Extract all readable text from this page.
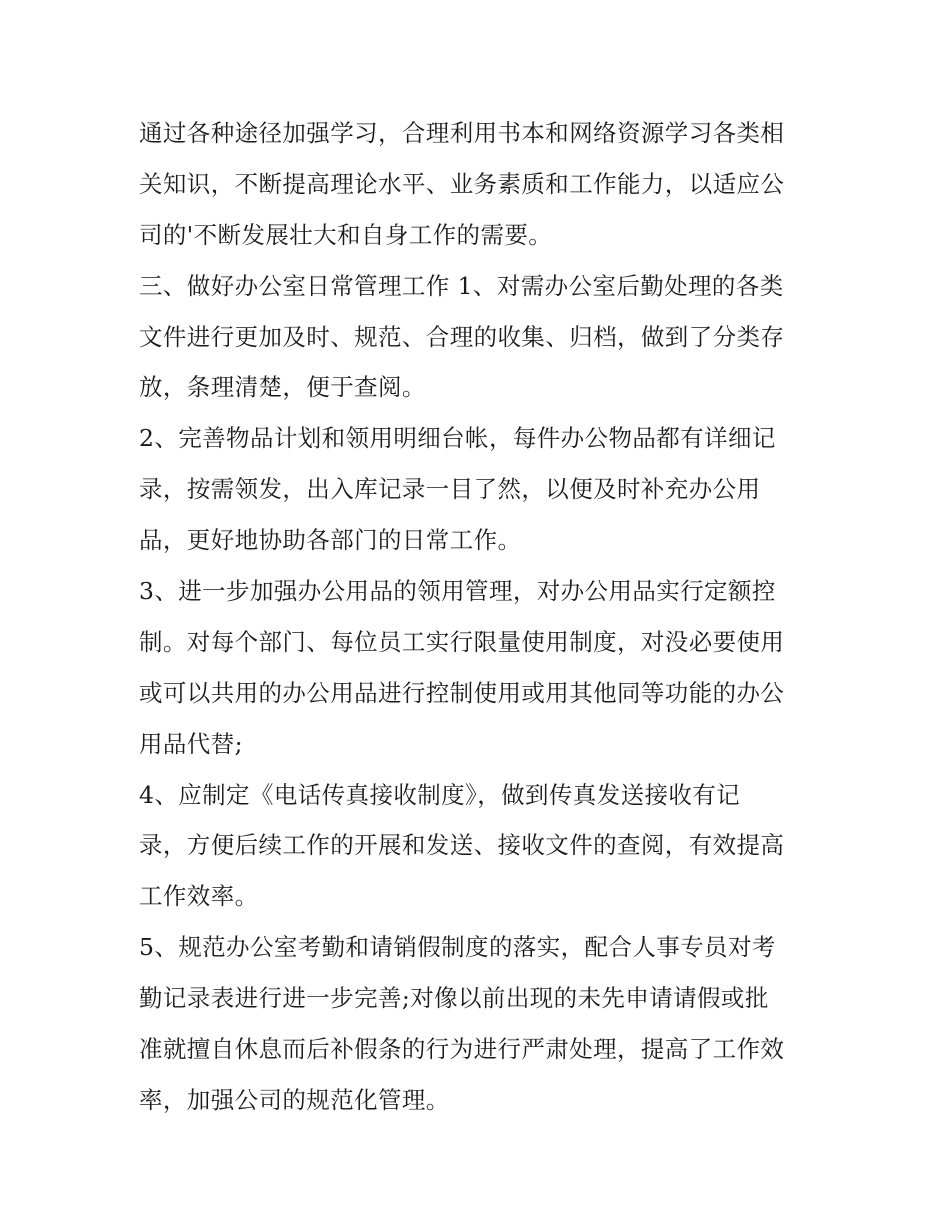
通过各种途径加强学习，合理利用书本和网络资源学习各类相
关知识，不断提高理论水平、业务素质和工作能力，以适应公
司的'不断发展壮大和自身工作的需要。
三、做好办公室日常管理工作 1、对需办公室后勤处理的各类
文件进行更加及时、规范、合理的收集、归档，做到了分类存
放，条理清楚，便于查阅。
2、完善物品计划和领用明细台帐，每件办公物品都有详细记
录，按需领发，出入库记录一目了然，以便及时补充办公用
品，更好地协助各部门的日常工作。
3、进一步加强办公用品的领用管理，对办公用品实行定额控
制。对每个部门、每位员工实行限量使用制度，对没必要使用
或可以共用的办公用品进行控制使用或用其他同等功能的办公
用品代替;
4、应制定《电话传真接收制度》，做到传真发送接收有记
录，方便后续工作的开展和发送、接收文件的查阅，有效提高
工作效率。
5、规范办公室考勤和请销假制度的落实，配合人事专员对考
勤记录表进行进一步完善;对像以前出现的未先申请请假或批
准就擅自休息而后补假条的行为进行严肃处理，提高了工作效
率，加强公司的规范化管理。
